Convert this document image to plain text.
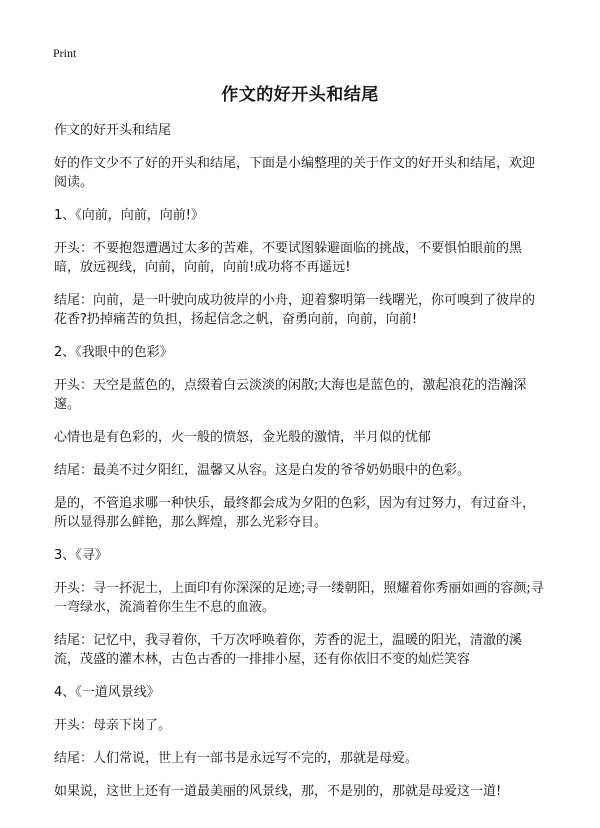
Print
作文的好开头和结尾

作文的好开头和结尾

好的作文少不了好的开头和结尾，下面是小编整理的关于作文的好开头和结尾，欢迎阅读。

1、《向前，向前，向前!》

开头：不要抱怨遭遇过太多的苦难，不要试图躲避面临的挑战，不要惧怕眼前的黑暗，放远视线，向前，向前，向前!成功将不再遥远!

结尾：向前，是一叶驶向成功彼岸的小舟，迎着黎明第一线曙光，你可嗅到了彼岸的花香?扔掉痛苦的负担，扬起信念之帆，奋勇向前，向前，向前!

2、《我眼中的色彩》

开头：天空是蓝色的，点缀着白云淡淡的闲散;大海也是蓝色的，激起浪花的浩瀚深邃。

心情也是有色彩的，火一般的愤怒，金光般的激情，半月似的忧郁

结尾：最美不过夕阳红，温馨又从容。这是白发的爷爷奶奶眼中的色彩。

是的，不管追求哪一种快乐，最终都会成为夕阳的色彩，因为有过努力，有过奋斗，所以显得那么鲜艳，那么辉煌，那么光彩夺目。

3、《寻》

开头：寻一抔泥土，上面印有你深深的足迹;寻一缕朝阳，照耀着你秀丽如画的容颜;寻一弯绿水，流淌着你生生不息的血液。

结尾：记忆中，我寻着你，千万次呼唤着你，芳香的泥土，温暖的阳光，清澈的溪流，茂盛的灌木林，古色古香的一排排小屋，还有你依旧不变的灿烂笑容

4、《一道风景线》

开头：母亲下岗了。

结尾：人们常说，世上有一部书是永远写不完的，那就是母爱。

如果说，这世上还有一道最美丽的风景线，那，不是别的，那就是母爱这一道!
